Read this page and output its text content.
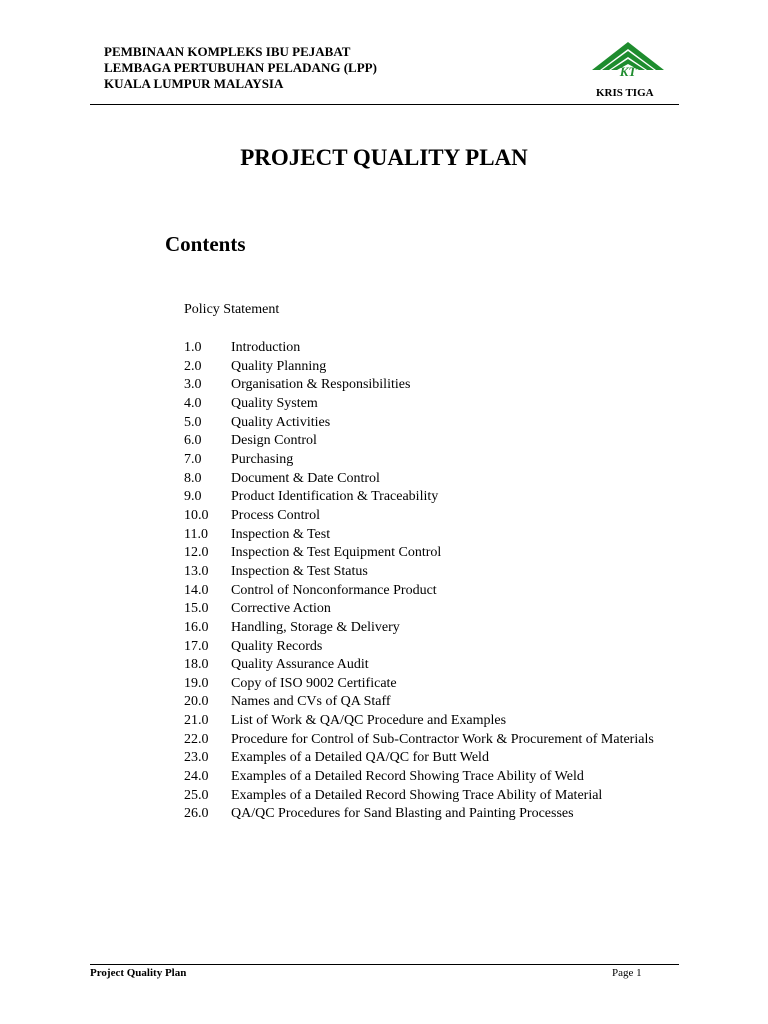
PEMBINAAN KOMPLEKS IBU PEJABAT
LEMBAGA PERTUBUHAN PELADANG (LPP)
KUALA LUMPUR MALAYSIA
KT
KRIS TIGA
PROJECT QUALITY PLAN
Contents
Policy Statement
1.0	Introduction
2.0	Quality Planning
3.0	Organisation & Responsibilities
4.0	Quality System
5.0	Quality Activities
6.0	Design Control
7.0	Purchasing
8.0	Document & Date Control
9.0	Product Identification & Traceability
10.0	Process Control
11.0	Inspection & Test
12.0	Inspection & Test Equipment Control
13.0	Inspection & Test Status
14.0	Control of Nonconformance Product
15.0	Corrective Action
16.0	Handling, Storage & Delivery
17.0	Quality Records
18.0	Quality Assurance Audit
19.0	Copy of ISO 9002 Certificate
20.0	Names and CVs of QA Staff
21.0	List of Work & QA/QC Procedure and Examples
22.0	Procedure for Control of Sub-Contractor Work & Procurement of Materials
23.0	Examples of a Detailed QA/QC for Butt Weld
24.0	Examples of a Detailed Record Showing Trace Ability of Weld
25.0	Examples of a Detailed Record Showing Trace Ability of Material
26.0	QA/QC Procedures for Sand Blasting and Painting Processes
Project Quality Plan	Page 1
